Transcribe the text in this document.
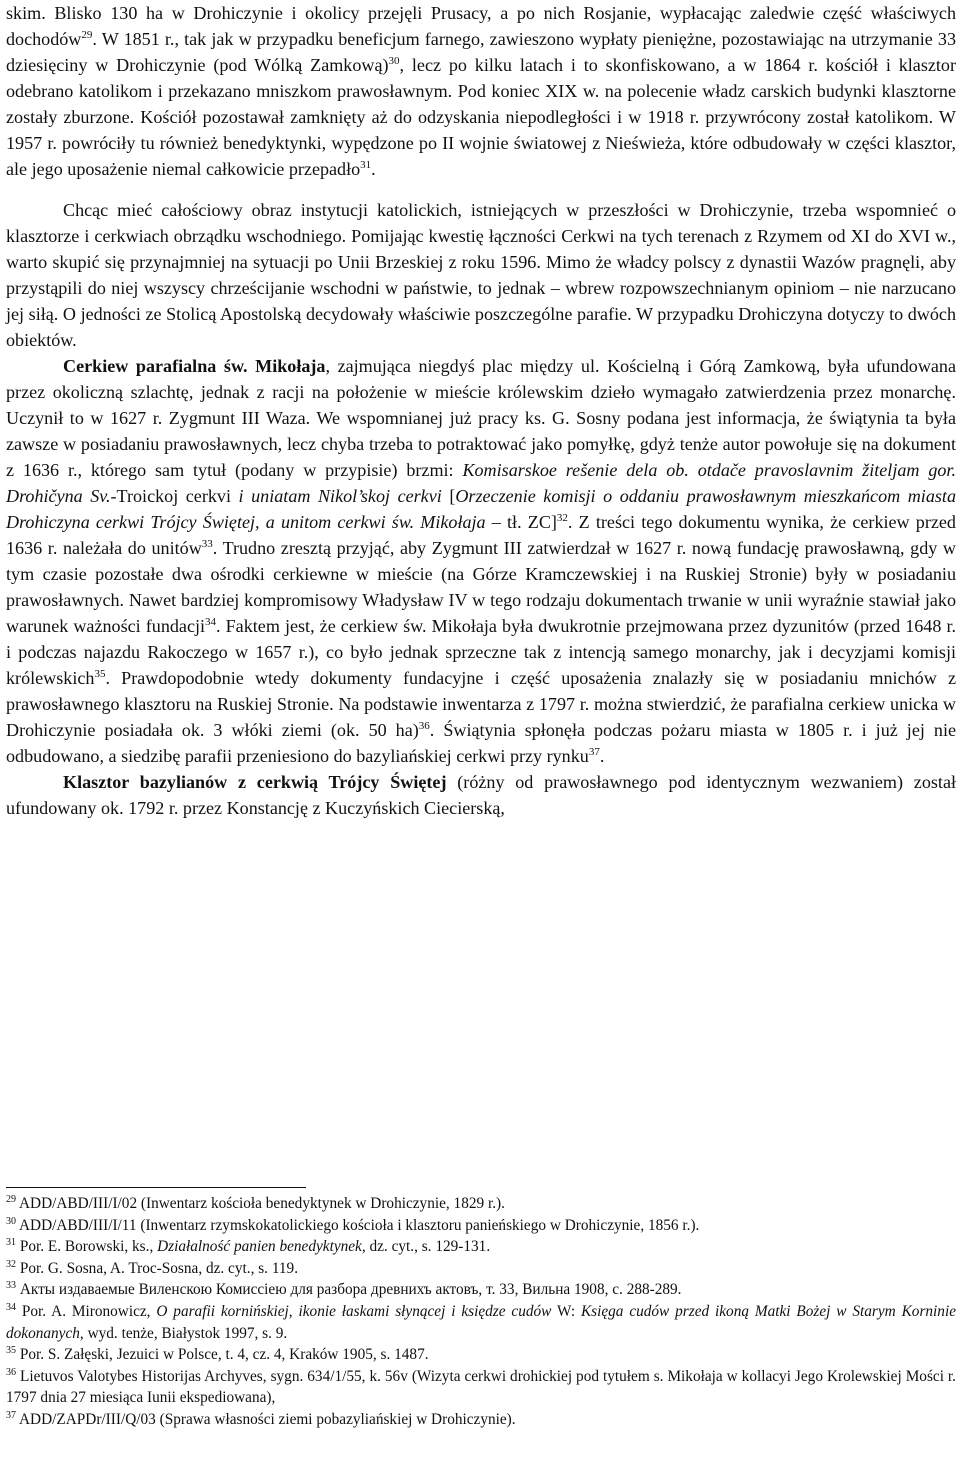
skim. Blisko 130 ha w Drohiczynie i okolicy przejęli Prusacy, a po nich Rosjanie, wypłacając zaledwie część właściwych dochodów$^{29}$. W 1851 r., tak jak w przypadku beneficjum farnego, zawieszono wypłaty pieniężne, pozostawiając na utrzymanie 33 dziesięciny w Drohiczynie (pod Wólką Zamkową)$^{30}$, lecz po kilku latach i to skonfiskowano, a w 1864 r. kościół i klasztor odebrano katolikom i przekazano mniszkom prawosławnym. Pod koniec XIX w. na polecenie władz carskich budynki klasztorne zostały zburzone. Kościół pozostawał zamknięty aż do odzyskania niepodległości i w 1918 r. przywrócony został katolikom. W 1957 r. powróciły tu również benedyktynki, wypędzone po II wojnie światowej z Nieświeża, które odbudowały w części klasztor, ale jego uposażenie niemal całkowicie przepadło$^{31}$.

Chcąc mieć całościowy obraz instytucji katolickich, istniejących w przeszłości w Drohiczynie, trzeba wspomnieć o klasztorze i cerkwiach obrządku wschodniego. Pomijając kwestię łączności Cerkwi na tych terenach z Rzymem od XI do XVI w., warto skupić się przynajmniej na sytuacji po Unii Brzeskiej z roku 1596. Mimo że władcy polscy z dynastii Wazów pragnęli, aby przystąpili do niej wszyscy chrześcijanie wschodni w państwie, to jednak – wbrew rozpowszechnianym opiniom – nie narzucano jej siłą. O jedności ze Stolicą Apostolską decydowały właściwie poszczególne parafie. W przypadku Drohiczyna dotyczy to dwóch obiektów.

Cerkiew parafialna św. Mikołaja, zajmująca niegdyś plac między ul. Kościelną i Górą Zamkową, była ufundowana przez okoliczną szlachtę, jednak z racji na położenie w mieście królewskim dzieło wymagało zatwierdzenia przez monarchę. Uczynił to w 1627 r. Zygmunt III Waza. We wspomnianej już pracy ks. G. Sosny podana jest informacja, że świątynia ta była zawsze w posiadaniu prawosławnych, lecz chyba trzeba to potraktować jako pomyłkę, gdyż tenże autor powołuje się na dokument z 1636 r., którego sam tytuł (podany w przypisie) brzmi: Komisarskoe rešenie dela ob. otdače pravoslavnim žiteljam gor. Drohičyna Sv.-Troickoj cerkvi i uniatam Nikol’skoj cerkvi [Orzeczenie komisji o oddaniu prawosławnym mieszkańcom miasta Drohiczyna cerkwi Trójcy Świętej, a unitom cerkwi św. Mikołaja – tł. ZC]$^{32}$. Z treści tego dokumentu wynika, że cerkiew przed 1636 r. należała do unitów$^{33}$. Trudno zresztą przyjąć, aby Zygmunt III zatwierdzał w 1627 r. nową fundację prawosławną, gdy w tym czasie pozostałe dwa ośrodki cerkiewne w mieście (na Górze Kramczewskiej i na Ruskiej Stronie) były w posiadaniu prawosławnych. Nawet bardziej kompromisowy Władysław IV w tego rodzaju dokumentach trwanie w unii wyraźnie stawiał jako warunek ważności fundacji$^{34}$. Faktem jest, że cerkiew św. Mikołaja była dwukrotnie przejmowana przez dyzunitów (przed 1648 r. i podczas najazdu Rakoczego w 1657 r.), co było jednak sprzeczne tak z intencją samego monarchy, jak i decyzjami komisji królewskich$^{35}$. Prawdopodobnie wtedy dokumenty fundacyjne i część uposażenia znalazły się w posiadaniu mnichów z prawosławnego klasztoru na Ruskiej Stronie. Na podstawie inwentarza z 1797 r. można stwierdzić, że parafialna cerkiew unicka w Drohiczynie posiadała ok. 3 włóki ziemi (ok. 50 ha)$^{36}$. Świątynia spłonęła podczas pożaru miasta w 1805 r. i już jej nie odbudowano, a siedzibę parafii przeniesiono do bazyliańskiej cerkwi przy rynku$^{37}$.

Klasztor bazylianów z cerkwią Trójcy Świętej (różny od prawosławnego pod identycznym wezwaniem) został ufundowany ok. 1792 r. przez Konstancję z Kuczyńskich Ciecierską,

$^{29}$ ADD/ABD/III/I/02 (Inwentarz kościoła benedyktynek w Drohiczynie, 1829 r.).

$^{30}$ ADD/ABD/III/I/11 (Inwentarz rzymskokatolickiego kościoła i klasztoru panieńskiego w Drohiczynie, 1856 r.).

$^{31}$ Por. E. Borowski, ks., Działalność panien benedyktynek, dz. cyt., s. 129-131.

$^{32}$ Por. G. Sosna, A. Troc-Sosna, dz. cyt., s. 119.

$^{33}$ Акты издаваемые Виленскою Комиссiею для разбора древнихъ актовъ, т. 33, Вильна 1908, с. 288-289.

$^{34}$ Por. A. Mironowicz, O parafii kornińskiej, ikonie łaskami słynącej i księdze cudów W: Księga cudów przed ikoną Matki Bożej w Starym Korninie dokonanych, wyd. tenże, Białystok 1997, s. 9.

$^{35}$ Por. S. Załęski, Jezuici w Polsce, t. 4, cz. 4, Kraków 1905, s. 1487.

$^{36}$ Lietuvos Valotybes Historijas Archyves, sygn. 634/1/55, k. 56v (Wizyta cerkwi drohickiej pod tytułem s. Mikołaja w kollacyi Jego Krolewskiej Mości r. 1797 dnia 27 miesiąca Iunii ekspediowana),

$^{37}$ ADD/ZAPDr/III/Q/03 (Sprawa własności ziemi pobazyliańskiej w Drohiczynie).
